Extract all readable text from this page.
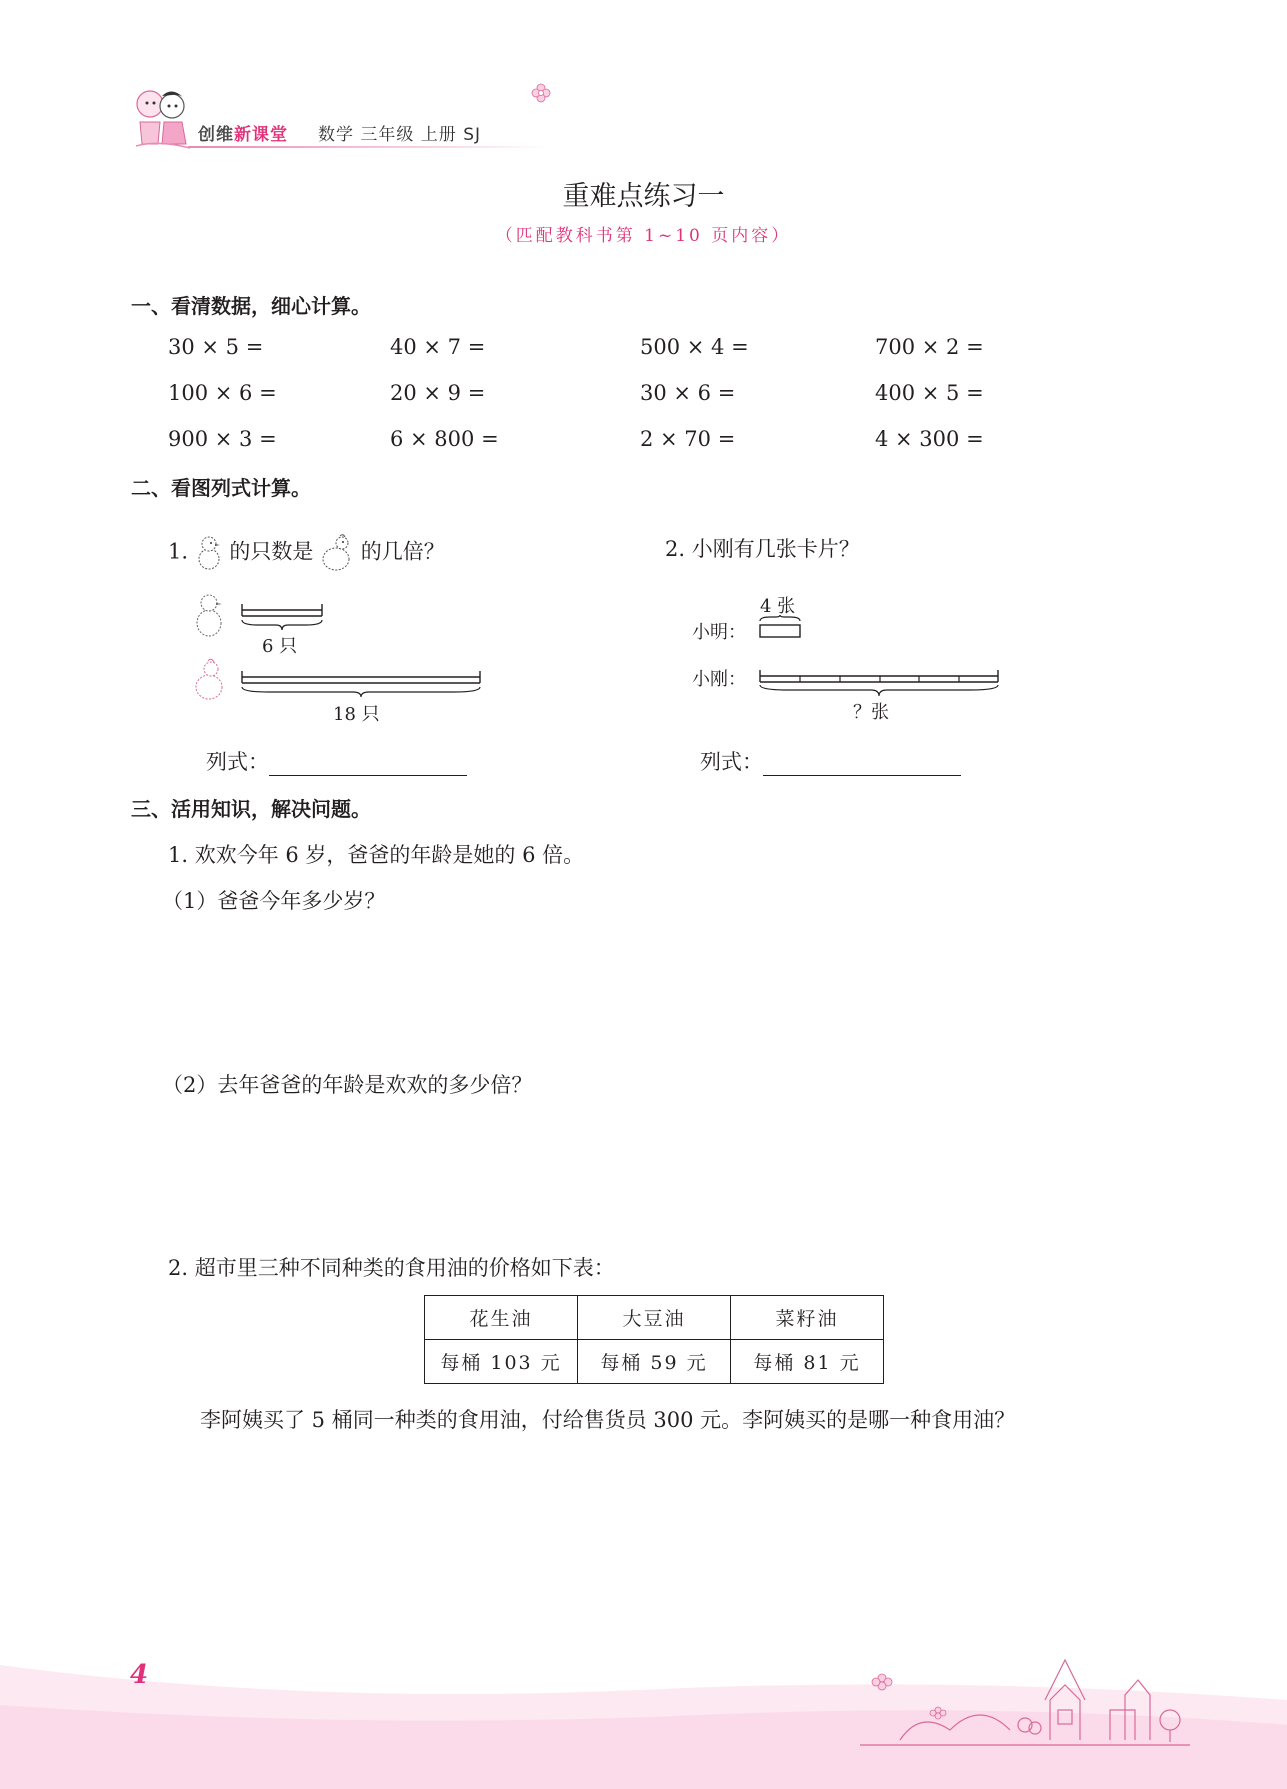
创维新课堂 数学 三年级 上册 SJ
重难点练习一
（匹配教科书第 1~10 页内容）
一、看清数据，细心计算。
30 × 5 =	40 × 7 =	500 × 4 =	700 × 2 =
100 × 6 =	20 × 9 =	30 × 6 =	400 × 5 =
900 × 3 =	6 × 800 =	2 × 70 =	4 × 300 =
二、看图列式计算。
1. 的只数是 的几倍？
6 只
18 只
列式：
2. 小刚有几张卡片？
4 张
小明：
小刚：
？张
列式：
三、活用知识，解决问题。
1. 欢欢今年 6 岁，爸爸的年龄是她的 6 倍。
（1）爸爸今年多少岁？
（2）去年爸爸的年龄是欢欢的多少倍？
2. 超市里三种不同种类的食用油的价格如下表：
花生油	大豆油	菜籽油
每桶 103 元	每桶 59 元	每桶 81 元
李阿姨买了 5 桶同一种类的食用油，付给售货员 300 元。李阿姨买的是哪一种食用油？
4
